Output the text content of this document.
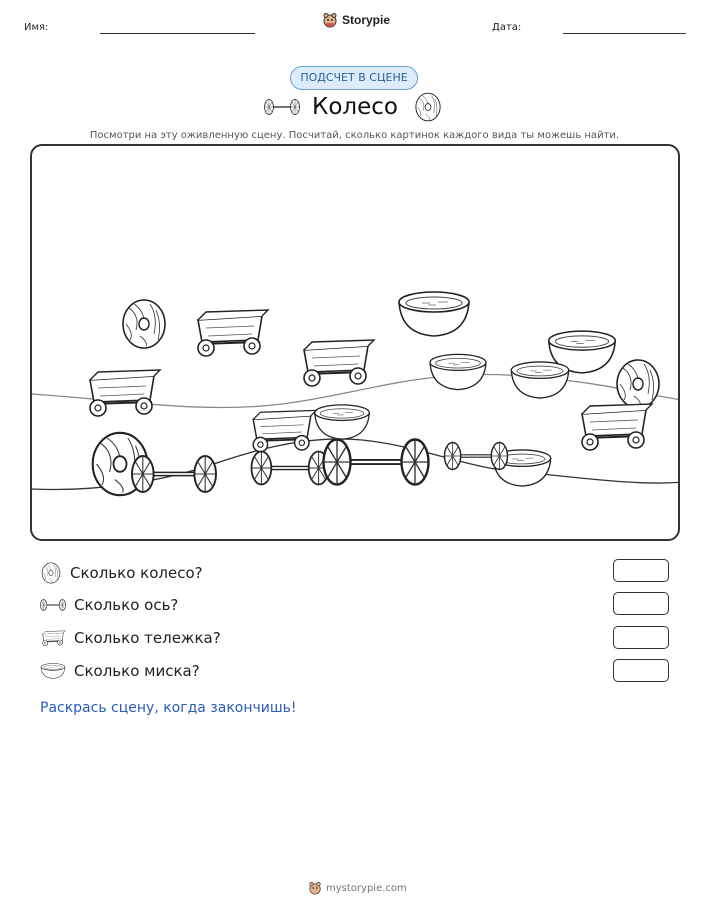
Имя:
Storypie
Дата:
ПОДСЧЕТ В СЦЕНЕ
Колесо
Посмотри на эту оживленную сцену. Посчитай, сколько картинок каждого вида ты можешь найти.
Сколько колесо?
Сколько ось?
Сколько тележка?
Сколько миска?
Раскрась сцену, когда закончишь!
mystorypie.com
